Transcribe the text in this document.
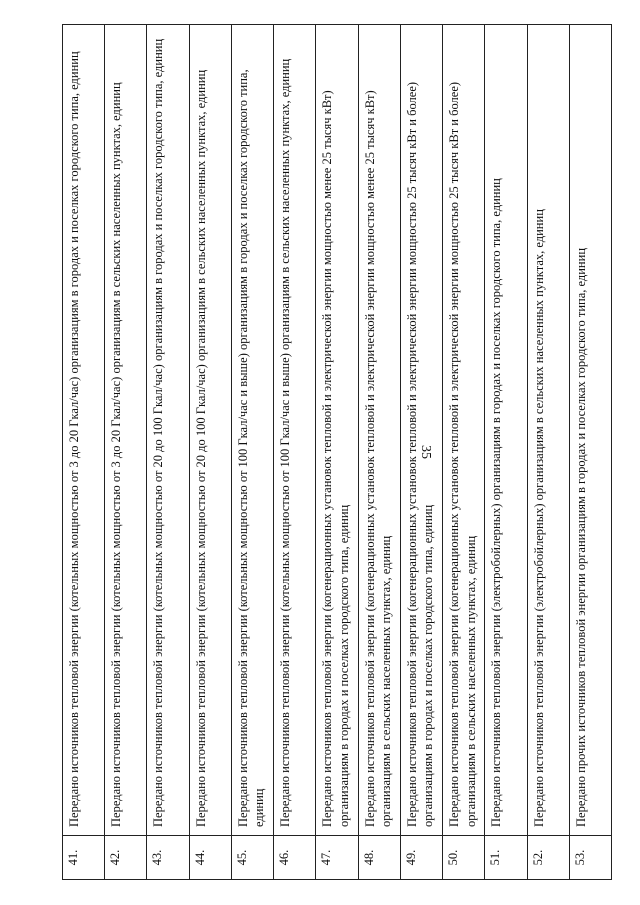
35
41.
Передано источников тепловой энергии (котельных мощностью от 3 до 20 Гкал/час) организациям в городах и поселках городского типа, единиц
42.
Передано источников тепловой энергии (котельных мощностью от 3 до 20 Гкал/час) организациям в сельских населенных пунктах, единиц
43.
Передано источников тепловой энергии (котельных мощностью от 20 до 100 Гкал/час) организациям в городах и поселках городского типа, единиц
44.
Передано источников тепловой энергии (котельных мощностью от 20 до 100 Гкал/час) организациям в сельских населенных пунктах, единиц
45.
Передано источников тепловой энергии (котельных мощностью от 100 Гкал/час и выше) организациям в городах и поселках городского типа, единиц
46.
Передано источников тепловой энергии (котельных мощностью от 100 Гкал/час и выше) организациям в сельских населенных пунктах, единиц
47.
Передано источников тепловой энергии (когенерационных установок тепловой и электрической энергии мощностью менее 25 тысяч кВт) организациям в городах и поселках городского типа, единиц
48.
Передано источников тепловой энергии (когенерационных установок тепловой и электрической энергии мощностью менее 25 тысяч кВт) организациям в сельских населенных пунктах, единиц
49.
Передано источников тепловой энергии (когенерационных установок тепловой и электрической энергии мощностью 25 тысяч кВт и более) организациям в городах и поселках городского типа, единиц
50.
Передано источников тепловой энергии (когенерационных установок тепловой и электрической энергии мощностью 25 тысяч кВт и более) организациям в сельских населенных пунктах, единиц
51.
Передано источников тепловой энергии (электробойлерных) организациям в городах и поселках городского типа, единиц
52.
Передано источников тепловой энергии (электробойлерных) организациям в сельских населенных пунктах, единиц
53.
Передано прочих источников тепловой энергии организациям в городах и поселках городского типа, единиц
